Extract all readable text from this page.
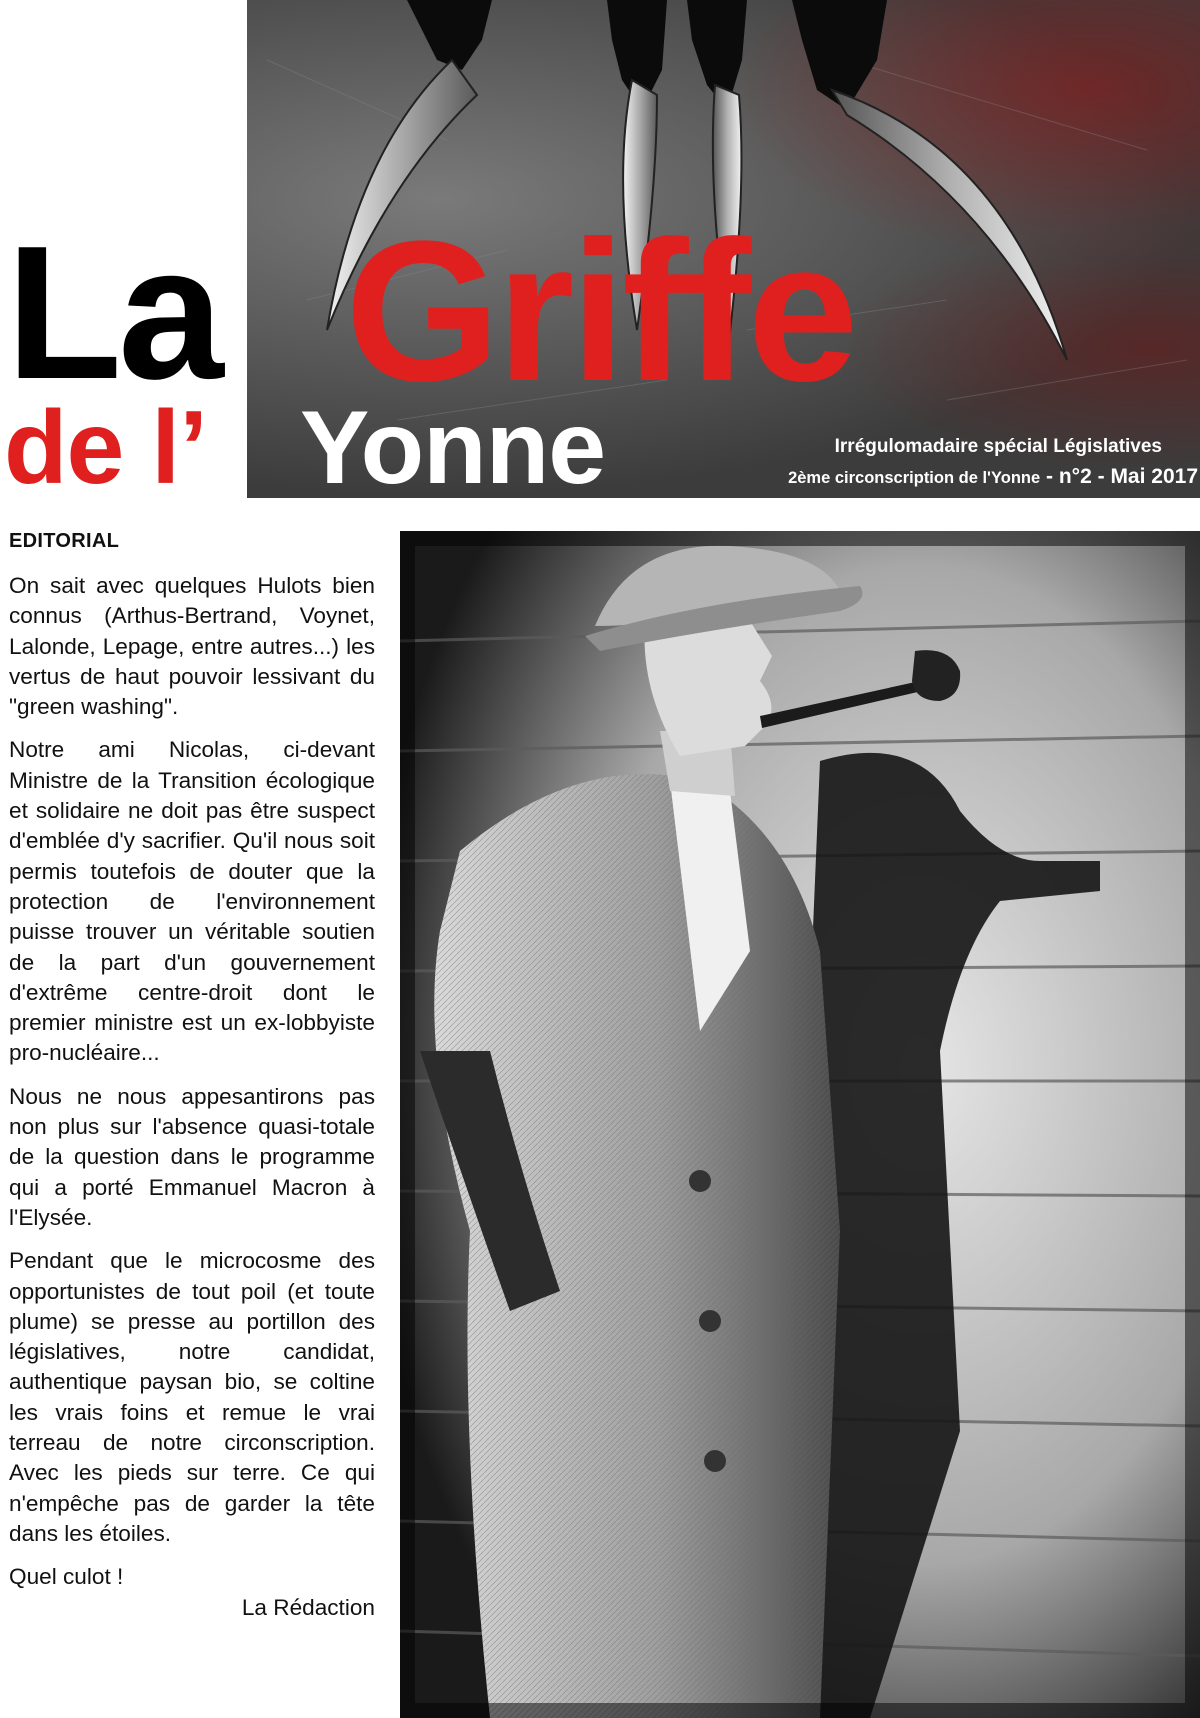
La Griffe
de l’ Yonne	Irrégulomadaire spécial Législatives
2ème circonscription de l'Yonne - n°2 - Mai 2017

EDITORIAL

On sait avec quelques Hulots bien connus (Arthus-Bertrand, Voynet, Lalonde, Lepage, entre autres...) les vertus de haut pouvoir lessivant du "green washing".

Notre ami Nicolas, ci-devant Ministre de la Transition écologique et solidaire ne doit pas être suspect d'emblée d'y sacrifier. Qu'il nous soit permis toutefois de douter que la protection de l'environnement puisse trouver un véritable soutien de la part d'un gouvernement d'extrême centre-droit dont le premier ministre est un ex-lobbyiste pro-nucléaire...

Nous ne nous appesantirons pas non plus sur l'absence quasi-totale de la question dans le programme qui a porté Emmanuel Macron à l'Elysée.

Pendant que le microcosme des opportunistes de tout poil (et toute plume) se presse au portillon des législatives, notre candidat, authentique paysan bio, se coltine les vrais foins et remue le vrai terreau de notre circonscription. Avec les pieds sur terre. Ce qui n'empêche pas de garder la tête dans les étoiles.

Quel culot !

La Rédaction
